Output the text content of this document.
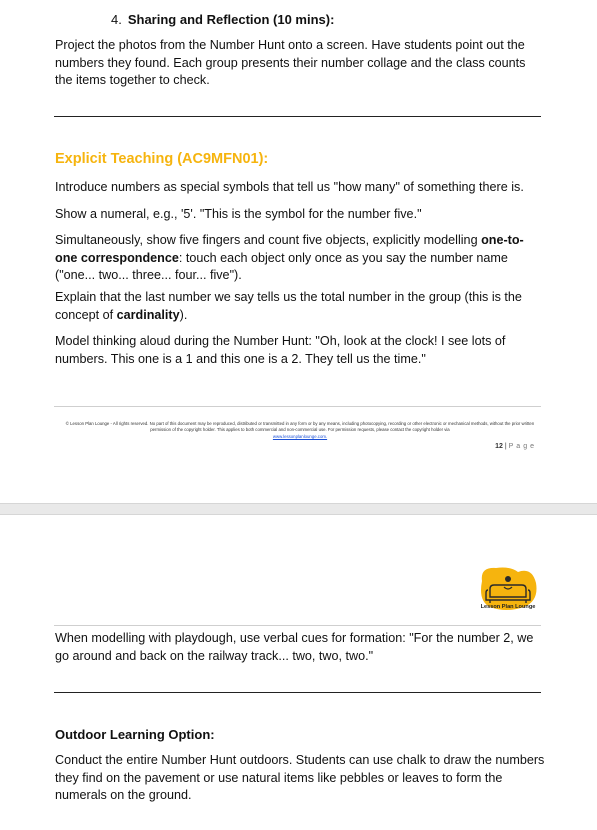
4. Sharing and Reflection (10 mins):

Project the photos from the Number Hunt onto a screen. Have students point out the numbers they found. Each group presents their number collage and the class counts the items together to check.

Explicit Teaching (AC9MFN01):

Introduce numbers as special symbols that tell us "how many" of something there is.

Show a numeral, e.g., '5'. "This is the symbol for the number five."

Simultaneously, show five fingers and count five objects, explicitly modelling one-to-one correspondence: touch each object only once as you say the number name ("one... two... three... four... five").

Explain that the last number we say tells us the total number in the group (this is the concept of cardinality).

Model thinking aloud during the Number Hunt: "Oh, look at the clock! I see lots of numbers. This one is a 1 and this one is a 2. They tell us the time."

© Lesson Plan Lounge - All rights reserved. No part of this document may be reproduced, distributed or transmitted in any form or by any means, including photocopying, recording or other electronic or mechanical methods, without the prior written permission of the copyright holder. This applies to both commercial and non-commercial use. For permission requests, please contact the copyright holder via
www.lessonplanlounge.com.
12 | Page
Lesson Plan Lounge

When modelling with playdough, use verbal cues for formation: "For the number 2, we go around and back on the railway track... two, two, two."

Outdoor Learning Option:

Conduct the entire Number Hunt outdoors. Students can use chalk to draw the numbers they find on the pavement or use natural items like pebbles or leaves to form the numerals on the ground.
